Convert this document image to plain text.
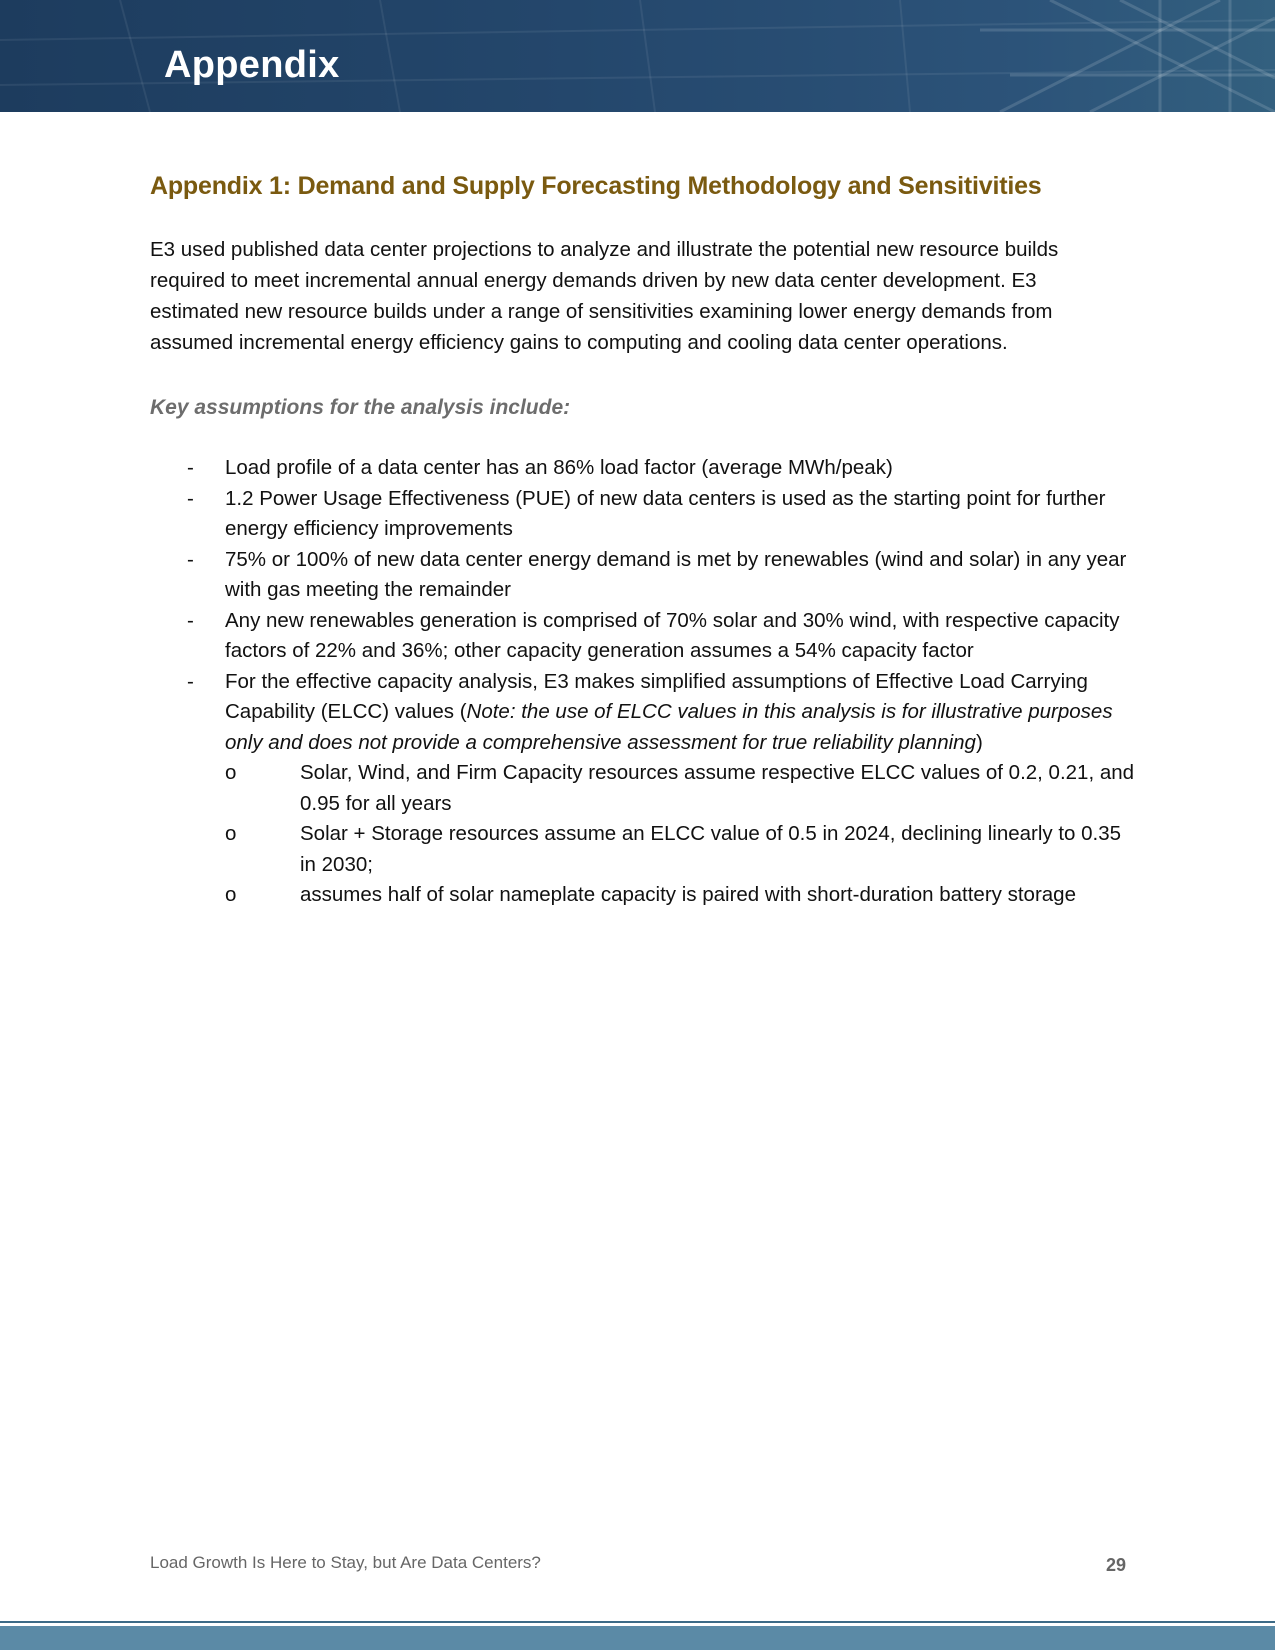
Appendix
Appendix 1: Demand and Supply Forecasting Methodology and Sensitivities
E3 used published data center projections to analyze and illustrate the potential new resource builds required to meet incremental annual energy demands driven by new data center development. E3 estimated new resource builds under a range of sensitivities examining lower energy demands from assumed incremental energy efficiency gains to computing and cooling data center operations.
Key assumptions for the analysis include:
- Load profile of a data center has an 86% load factor (average MWh/peak)
- 1.2 Power Usage Effectiveness (PUE) of new data centers is used as the starting point for further energy efficiency improvements
- 75% or 100% of new data center energy demand is met by renewables (wind and solar) in any year with gas meeting the remainder
- Any new renewables generation is comprised of 70% solar and 30% wind, with respective capacity factors of 22% and 36%; other capacity generation assumes a 54% capacity factor
- For the effective capacity analysis, E3 makes simplified assumptions of Effective Load Carrying Capability (ELCC) values (Note: the use of ELCC values in this analysis is for illustrative purposes only and does not provide a comprehensive assessment for true reliability planning)
o	Solar, Wind, and Firm Capacity resources assume respective ELCC values of 0.2, 0.21, and 0.95 for all years
o	Solar + Storage resources assume an ELCC value of 0.5 in 2024, declining linearly to 0.35 in 2030;
o	assumes half of solar nameplate capacity is paired with short-duration battery storage
Load Growth Is Here to Stay, but Are Data Centers?	29
